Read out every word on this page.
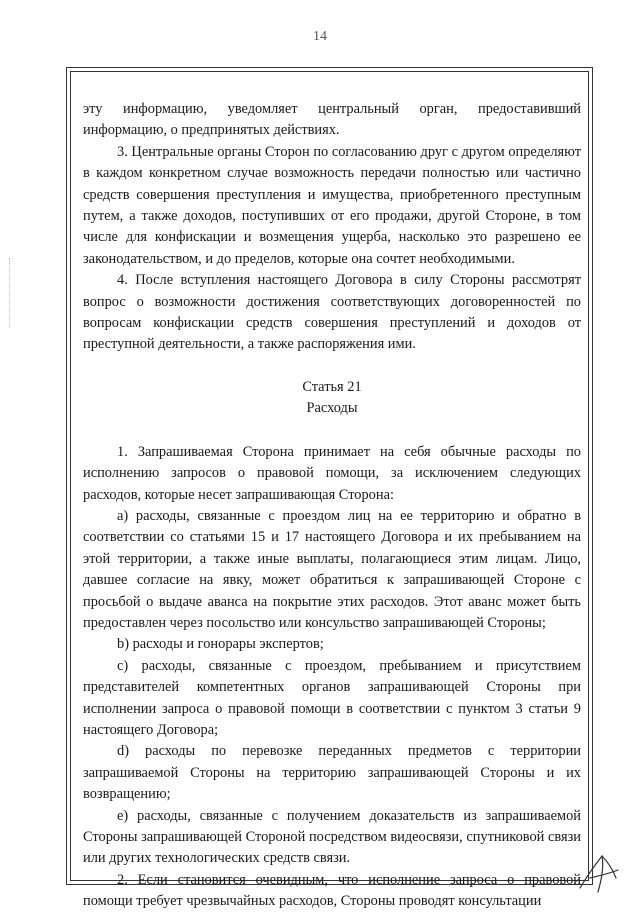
14

эту информацию, уведомляет центральный орган, предоставивший информацию, о предпринятых действиях.

3. Центральные органы Сторон по согласованию друг с другом определяют в каждом конкретном случае возможность передачи полностью или частично средств совершения преступления и имущества, приобретенного преступным путем, а также доходов, поступивших от его продажи, другой Стороне, в том числе для конфискации и возмещения ущерба, насколько это разрешено ее законодательством, и до пределов, которые она сочтет необходимыми.

4. После вступления настоящего Договора в силу Стороны рассмотрят вопрос о возможности достижения соответствующих договоренностей по вопросам конфискации средств совершения преступлений и доходов от преступной деятельности, а также распоряжения ими.

Статья 21

Расходы

1. Запрашиваемая Сторона принимает на себя обычные расходы по исполнению запросов о правовой помощи, за исключением следующих расходов, которые несет запрашивающая Сторона:

a) расходы, связанные с проездом лиц на ее территорию и обратно в соответствии со статьями 15 и 17 настоящего Договора и их пребыванием на этой территории, а также иные выплаты, полагающиеся этим лицам. Лицо, давшее согласие на явку, может обратиться к запрашивающей Стороне с просьбой о выдаче аванса на покрытие этих расходов. Этот аванс может быть предоставлен через посольство или консульство запрашивающей Стороны;

b) расходы и гонорары экспертов;

c) расходы, связанные с проездом, пребыванием и присутствием представителей компетентных органов запрашивающей Стороны при исполнении запроса о правовой помощи в соответствии с пунктом 3 статьи 9 настоящего Договора;

d) расходы по перевозке переданных предметов с территории запрашиваемой Стороны на территорию запрашивающей Стороны и их возвращению;

e) расходы, связанные с получением доказательств из запрашиваемой Стороны запрашивающей Стороной посредством видеосвязи, спутниковой связи или других технологических средств связи.

2. Если становится очевидным, что исполнение запроса о правовой помощи требует чрезвычайных расходов, Стороны проводят консультации
